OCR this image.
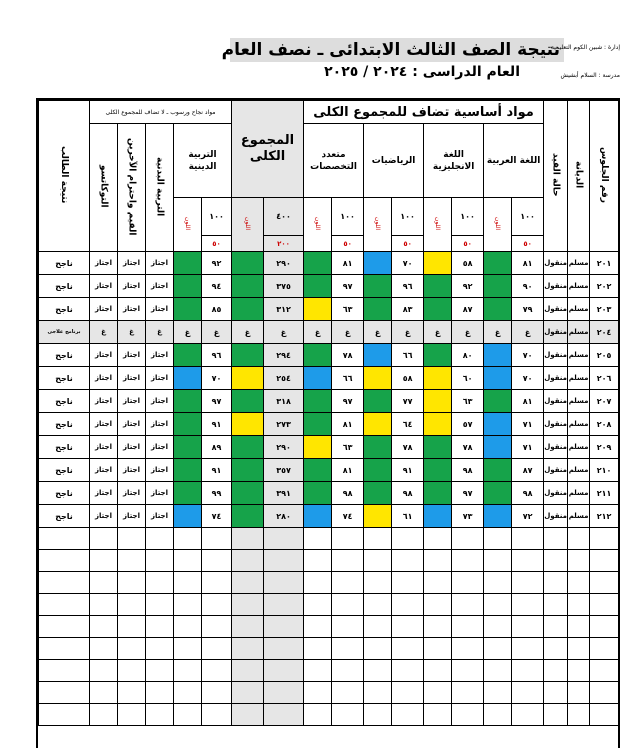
نتيجة الصف الثالث الابتدائى ـ نصف العام
إدارة : شبين الكوم التعليمية
العام الدراسى : ٢٠٢٤ / ٢٠٢٥	مدرسة : السلام أبشيش
رقم الجلوس	الديانة	حالة القيد	مواد أساسية تضاف للمجموع الكلى								المجموع الكلى		مواد نجاح ورسوب ـ لا تضاف للمجموع الكلى					نتيجة الطالب
			اللغة العربية		اللغة الانجليزية		الرياضيات		متعدد التخصصات				التربية الدينية		التربية البدنية	القيم واحترام الآخرين	التوكاتسو	
			١٠٠	اللون	١٠٠	اللون	١٠٠	اللون	١٠٠	اللون	٤٠٠	اللون	١٠٠	اللون				
			٥٠		٥٠		٥٠		٥٠		٢٠٠		٥٠					
٢٠١	مسلم	منقول	٨١		٥٨		٧٠		٨١		٢٩٠		٩٢		اجتاز	اجتاز	اجتاز	ناجح
٢٠٢	مسلم	منقول	٩٠		٩٢		٩٦		٩٧		٣٧٥		٩٤		اجتاز	اجتاز	اجتاز	ناجح
٢٠٣	مسلم	منقول	٧٩		٨٧		٨٣		٦٣		٣١٢		٨٥		اجتاز	اجتاز	اجتاز	ناجح
٢٠٤	مسلم	منقول	غ	غ	غ	غ	غ	غ	غ	غ	غ	غ	غ	غ	غ	غ	غ	برنامج علاجى
٢٠٥	مسلم	منقول	٧٠		٨٠		٦٦		٧٨		٢٩٤		٩٦		اجتاز	اجتاز	اجتاز	ناجح
٢٠٦	مسلم	منقول	٧٠		٦٠		٥٨		٦٦		٢٥٤		٧٠		اجتاز	اجتاز	اجتاز	ناجح
٢٠٧	مسلم	منقول	٨١		٦٣		٧٧		٩٧		٣١٨		٩٧		اجتاز	اجتاز	اجتاز	ناجح
٢٠٨	مسلم	منقول	٧١		٥٧		٦٤		٨١		٢٧٣		٩١		اجتاز	اجتاز	اجتاز	ناجح
٢٠٩	مسلم	منقول	٧١		٧٨		٧٨		٦٣		٢٩٠		٨٩		اجتاز	اجتاز	اجتاز	ناجح
٢١٠	مسلم	منقول	٨٧		٩٨		٩١		٨١		٣٥٧		٩١		اجتاز	اجتاز	اجتاز	ناجح
٢١١	مسلم	منقول	٩٨		٩٧		٩٨		٩٨		٣٩١		٩٩		اجتاز	اجتاز	اجتاز	ناجح
٢١٢	مسلم	منقول	٧٢		٧٣		٦١		٧٤		٢٨٠		٧٤		اجتاز	اجتاز	اجتاز	ناجح
